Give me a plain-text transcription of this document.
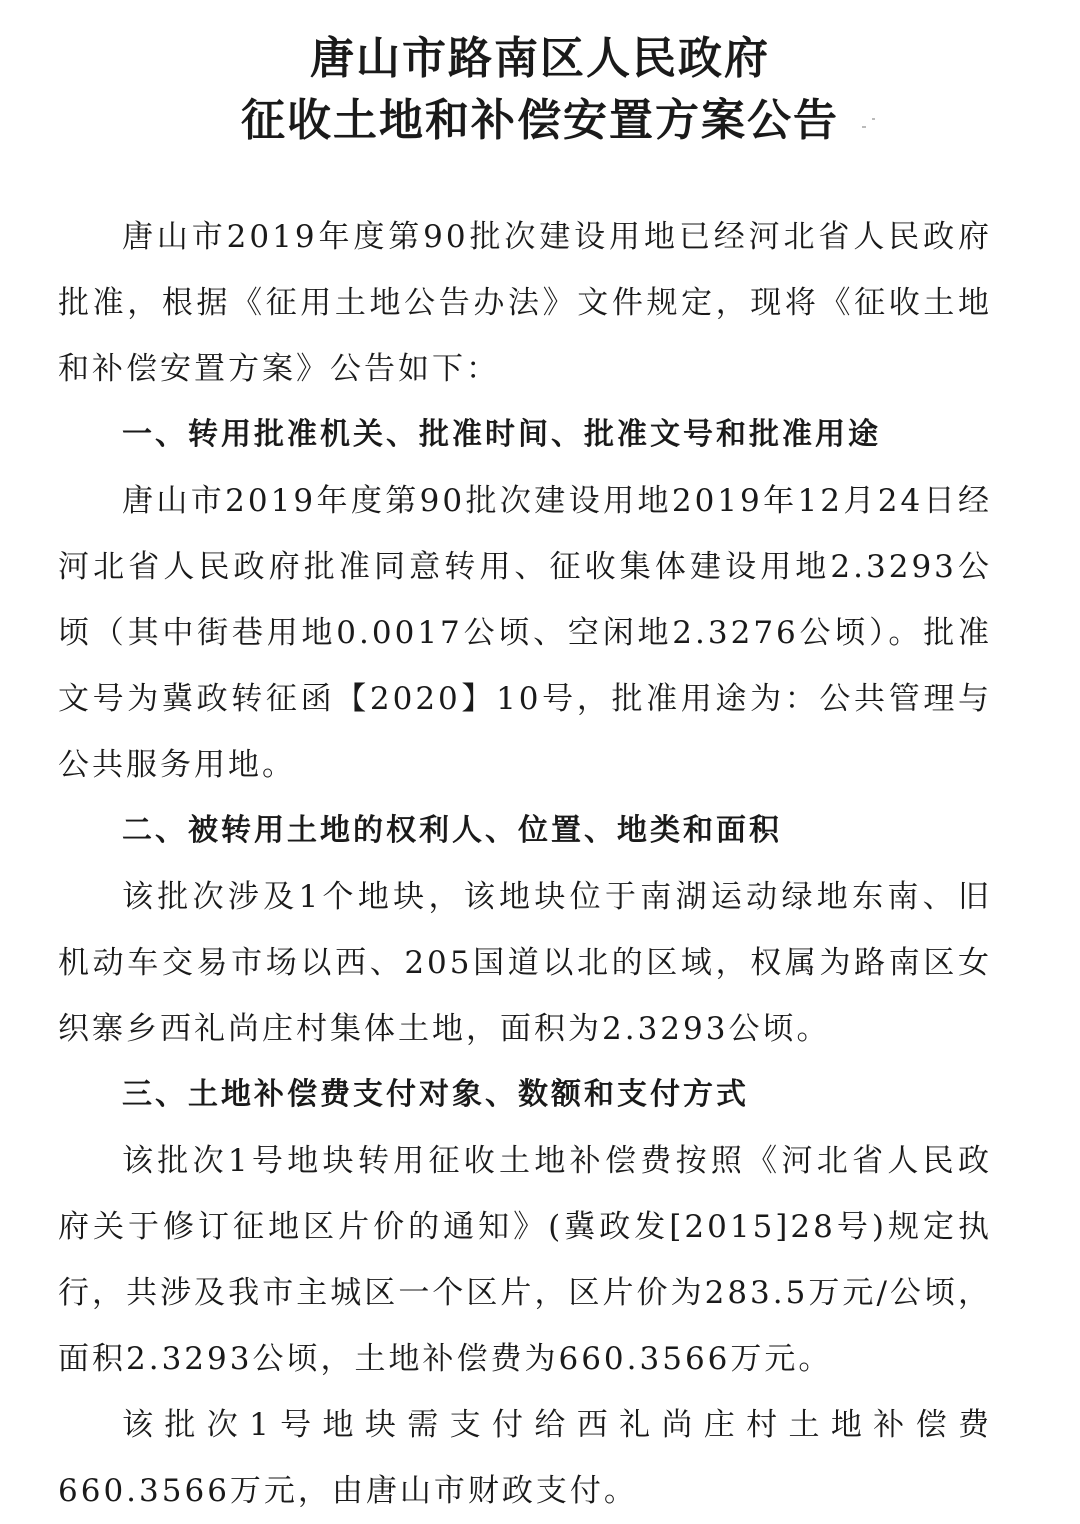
唐山市路南区人民政府
征收土地和补偿安置方案公告

唐山市2019年度第90批次建设用地已经河北省人民政府批准，根据《征用土地公告办法》文件规定，现将《征收土地和补偿安置方案》公告如下：

一、转用批准机关、批准时间、批准文号和批准用途

唐山市2019年度第90批次建设用地2019年12月24日经河北省人民政府批准同意转用、征收集体建设用地2.3293公顷（其中街巷用地0.0017公顷、空闲地2.3276公顷）。批准文号为冀政转征函【2020】10号，批准用途为：公共管理与公共服务用地。

二、被转用土地的权利人、位置、地类和面积

该批次涉及1个地块，该地块位于南湖运动绿地东南、旧机动车交易市场以西、205国道以北的区域，权属为路南区女织寨乡西礼尚庄村集体土地，面积为2.3293公顷。

三、土地补偿费支付对象、数额和支付方式

该批次1号地块转用征收土地补偿费按照《河北省人民政府关于修订征地区片价的通知》(冀政发[2015]28号)规定执行，共涉及我市主城区一个区片，区片价为283.5万元/公顷，面积2.3293公顷，土地补偿费为660.3566万元。

该批次1号地块需支付给西礼尚庄村土地补偿费660.3566万元，由唐山市财政支付。
